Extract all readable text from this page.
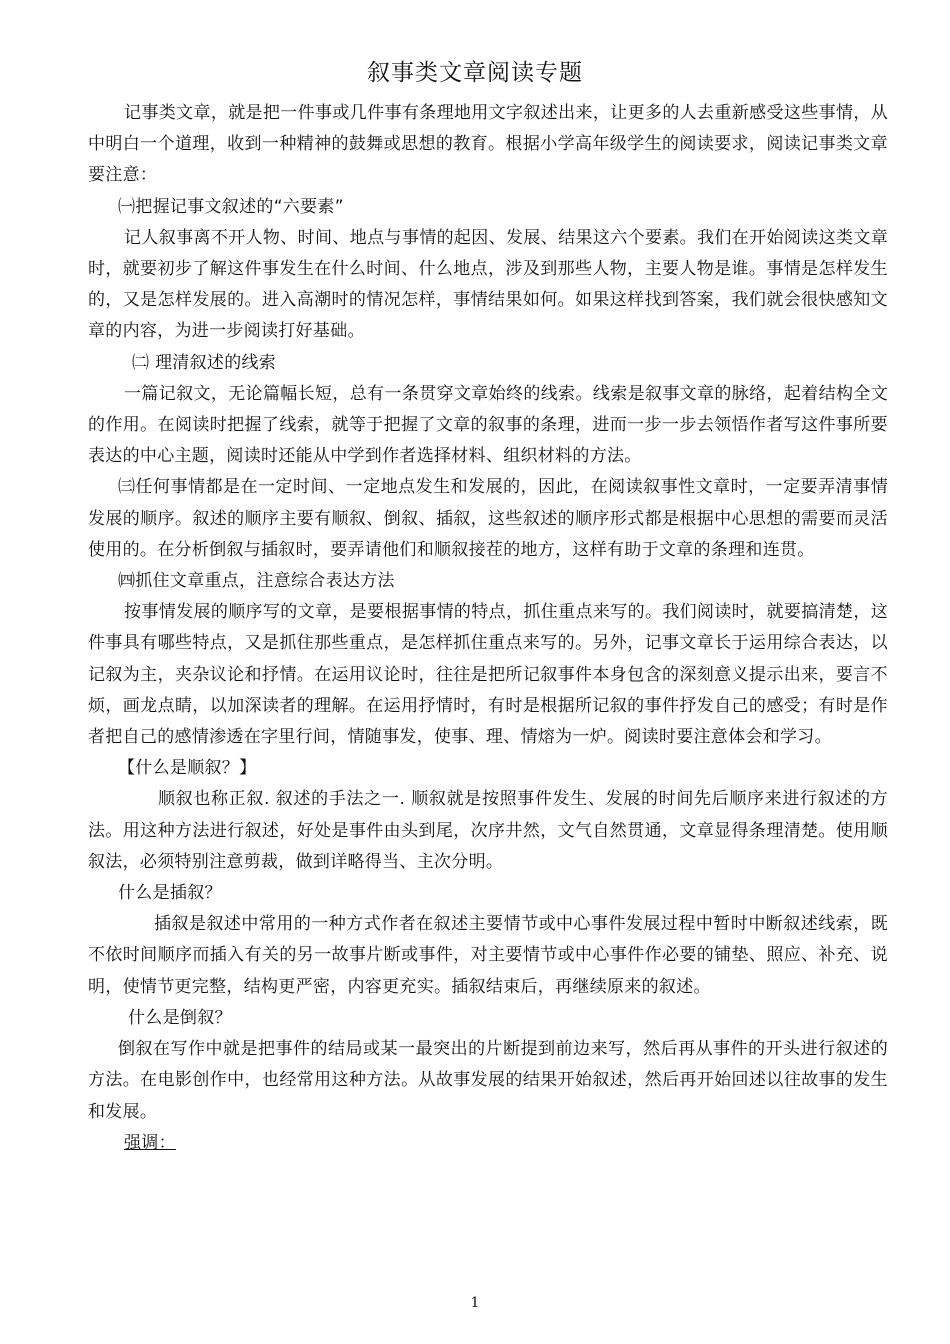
叙事类文章阅读专题

记事类文章，就是把一件事或几件事有条理地用文字叙述出来，让更多的人去重新感受这些事情，从中明白一个道理，收到一种精神的鼓舞或思想的教育。根据小学高年级学生的阅读要求，阅读记事类文章要注意：

㈠把握记事文叙述的“六要素”

记人叙事离不开人物、时间、地点与事情的起因、发展、结果这六个要素。我们在开始阅读这类文章时，就要初步了解这件事发生在什么时间、什么地点，涉及到那些人物，主要人物是谁。事情是怎样发生的，又是怎样发展的。进入高潮时的情况怎样，事情结果如何。如果这样找到答案，我们就会很快感知文章的内容，为进一步阅读打好基础。

㈡ 理清叙述的线索

一篇记叙文，无论篇幅长短，总有一条贯穿文章始终的线索。线索是叙事文章的脉络，起着结构全文的作用。在阅读时把握了线索，就等于把握了文章的叙事的条理，进而一步一步去领悟作者写这件事所要表达的中心主题，阅读时还能从中学到作者选择材料、组织材料的方法。

㈢任何事情都是在一定时间、一定地点发生和发展的，因此，在阅读叙事性文章时，一定要弄清事情发展的顺序。叙述的顺序主要有顺叙、倒叙、插叙，这些叙述的顺序形式都是根据中心思想的需要而灵活使用的。在分析倒叙与插叙时，要弄请他们和顺叙接茬的地方，这样有助于文章的条理和连贯。

㈣抓住文章重点，注意综合表达方法

按事情发展的顺序写的文章，是要根据事情的特点，抓住重点来写的。我们阅读时，就要搞清楚，这件事具有哪些特点，又是抓住那些重点，是怎样抓住重点来写的。另外，记事文章长于运用综合表达，以记叙为主，夹杂议论和抒情。在运用议论时，往往是把所记叙事件本身包含的深刻意义提示出来，要言不烦，画龙点睛，以加深读者的理解。在运用抒情时，有时是根据所记叙的事件抒发自己的感受；有时是作者把自己的感情渗透在字里行间，情随事发，使事、理、情熔为一炉。阅读时要注意体会和学习。

【什么是顺叙？】

顺叙也称正叙. 叙述的手法之一. 顺叙就是按照事件发生、发展的时间先后顺序来进行叙述的方法。用这种方法进行叙述，好处是事件由头到尾，次序井然，文气自然贯通，文章显得条理清楚。使用顺叙法，必须特别注意剪裁，做到详略得当、主次分明。

什么是插叙？

插叙是叙述中常用的一种方式作者在叙述主要情节或中心事件发展过程中暂时中断叙述线索，既不依时间顺序而插入有关的另一故事片断或事件，对主要情节或中心事件作必要的铺垫、照应、补充、说明，使情节更完整，结构更严密，内容更充实。插叙结束后，再继续原来的叙述。

什么是倒叙？

倒叙在写作中就是把事件的结局或某一最突出的片断提到前边来写，然后再从事件的开头进行叙述的方法。在电影创作中，也经常用这种方法。从故事发展的结果开始叙述，然后再开始回述以往故事的发生和发展。

强调：

1
